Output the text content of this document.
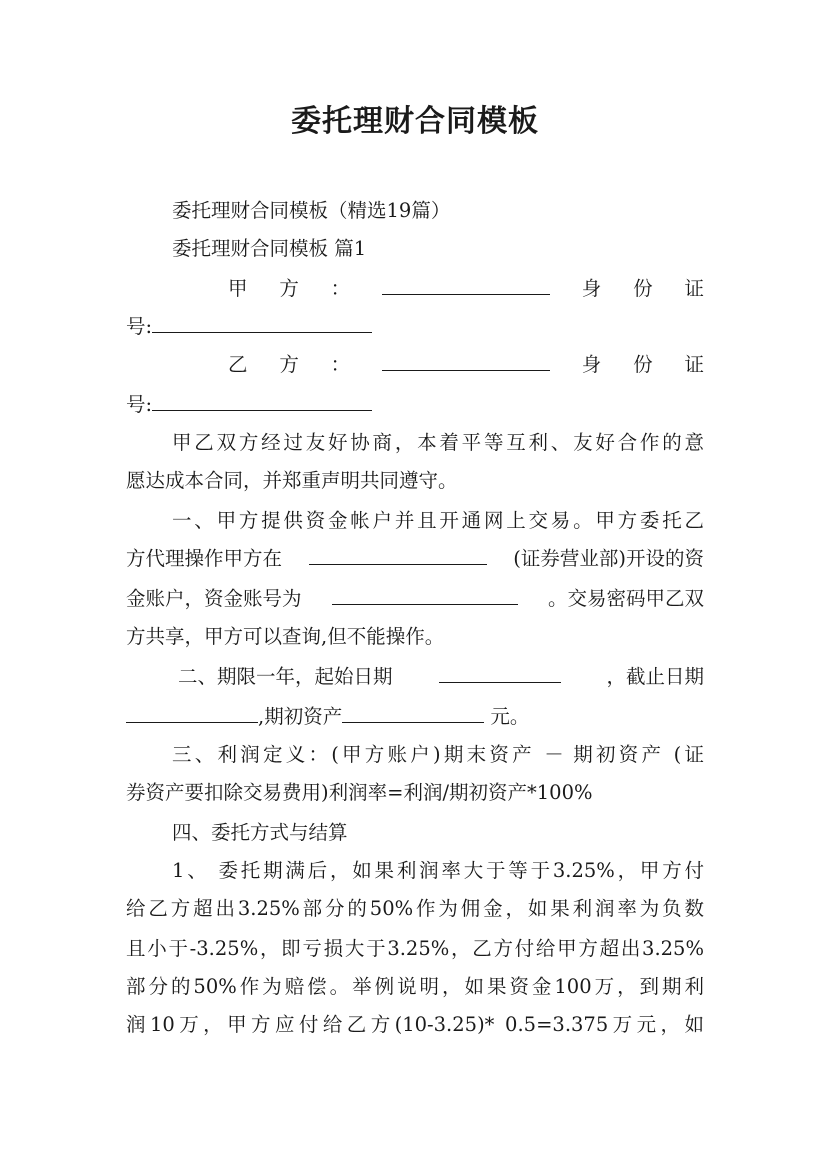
委托理财合同模板
委托理财合同模板（精选19篇）
委托理财合同模板 篇1
甲 方 ：	身 份 证
号:
乙 方 ：	身 份 证
号:
甲乙双方经过友好协商，本着平等互利、友好合作的意
愿达成本合同，并郑重声明共同遵守。
一、甲方提供资金帐户并且开通网上交易。甲方委托乙
方代理操作甲方在	(证券营业部)开设的资
金账户，资金账号为	。交易密码甲乙双
方共享，甲方可以查询,但不能操作。
二、期限一年，起始日期	，截止日期
,期初资产	元。
三、利润定义：(甲方账户)期末资产 － 期初资产 (证
券资产要扣除交易费用)利润率=利润/期初资产*100%
四、委托方式与结算
1、 委托期满后，如果利润率大于等于3.25%，甲方付
给乙方超出3.25%部分的50%作为佣金，如果利润率为负数
且小于-3.25%，即亏损大于3.25%，乙方付给甲方超出3.25%
部分的50%作为赔偿。举例说明，如果资金100万，到期利
润10万，甲方应付给乙方(10-3.25)* 0.5=3.375万元，如
